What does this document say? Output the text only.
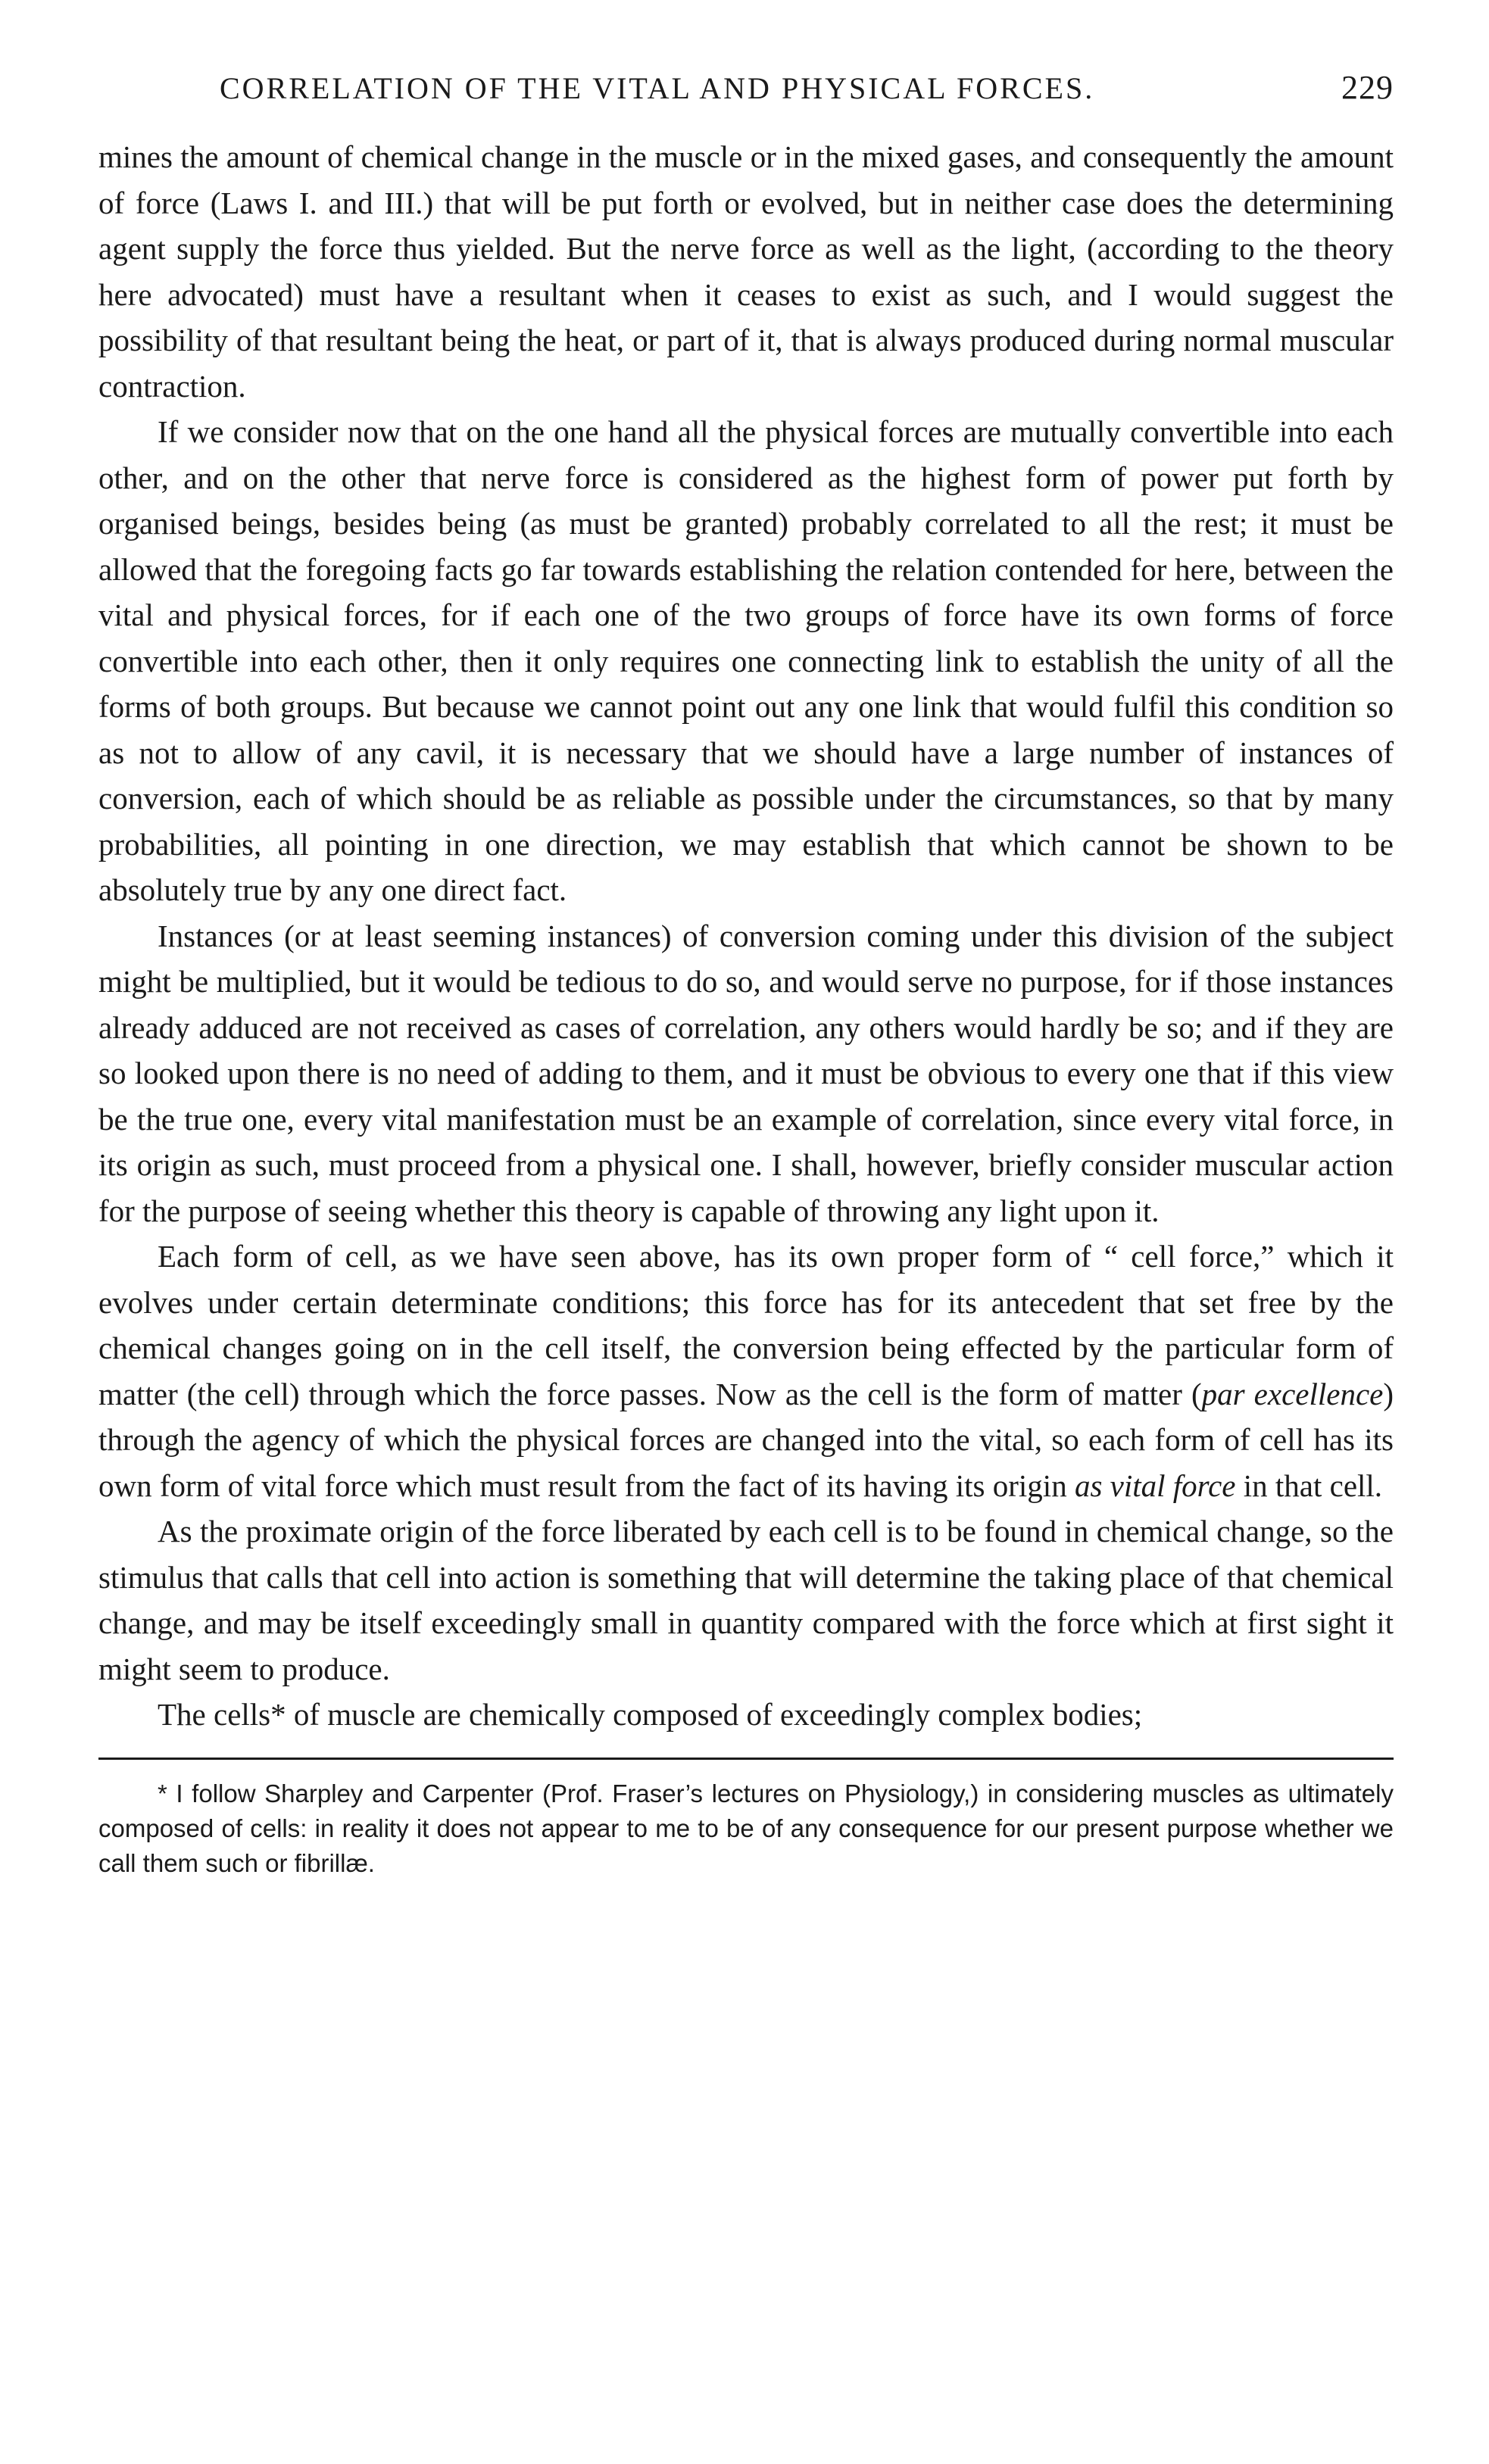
CORRELATION OF THE VITAL AND PHYSICAL FORCES.	229

mines the amount of chemical change in the muscle or in the mixed gases, and consequently the amount of force (Laws I. and III.) that will be put forth or evolved, but in neither case does the determining agent supply the force thus yielded. But the nerve force as well as the light, (according to the theory here advocated) must have a resultant when it ceases to exist as such, and I would suggest the possibility of that resultant being the heat, or part of it, that is always produced during normal muscular contraction.

If we consider now that on the one hand all the physical forces are mutually convertible into each other, and on the other that nerve force is considered as the highest form of power put forth by organised beings, besides being (as must be granted) probably correlated to all the rest; it must be allowed that the foregoing facts go far towards establishing the relation contended for here, between the vital and physical forces, for if each one of the two groups of force have its own forms of force convertible into each other, then it only requires one connecting link to establish the unity of all the forms of both groups. But because we cannot point out any one link that would fulfil this condition so as not to allow of any cavil, it is necessary that we should have a large number of instances of conversion, each of which should be as reliable as possible under the circumstances, so that by many probabilities, all pointing in one direction, we may establish that which cannot be shown to be absolutely true by any one direct fact.

Instances (or at least seeming instances) of conversion coming under this division of the subject might be multiplied, but it would be tedious to do so, and would serve no purpose, for if those instances already adduced are not received as cases of correlation, any others would hardly be so; and if they are so looked upon there is no need of adding to them, and it must be obvious to every one that if this view be the true one, every vital manifestation must be an example of correlation, since every vital force, in its origin as such, must proceed from a physical one. I shall, however, briefly consider muscular action for the purpose of seeing whether this theory is capable of throwing any light upon it.

Each form of cell, as we have seen above, has its own proper form of “ cell force,” which it evolves under certain determinate conditions; this force has for its antecedent that set free by the chemical changes going on in the cell itself, the conversion being effected by the particular form of matter (the cell) through which the force passes. Now as the cell is the form of matter (par excellence) through the agency of which the physical forces are changed into the vital, so each form of cell has its own form of vital force which must result from the fact of its having its origin as vital force in that cell.

As the proximate origin of the force liberated by each cell is to be found in chemical change, so the stimulus that calls that cell into action is something that will determine the taking place of that chemical change, and may be itself exceedingly small in quantity compared with the force which at first sight it might seem to produce.

The cells* of muscle are chemically composed of exceedingly complex bodies;

* I follow Sharpley and Carpenter (Prof. Fraser’s lectures on Physiology,) in considering muscles as ultimately composed of cells: in reality it does not appear to me to be of any consequence for our present purpose whether we call them such or fibrillæ.
